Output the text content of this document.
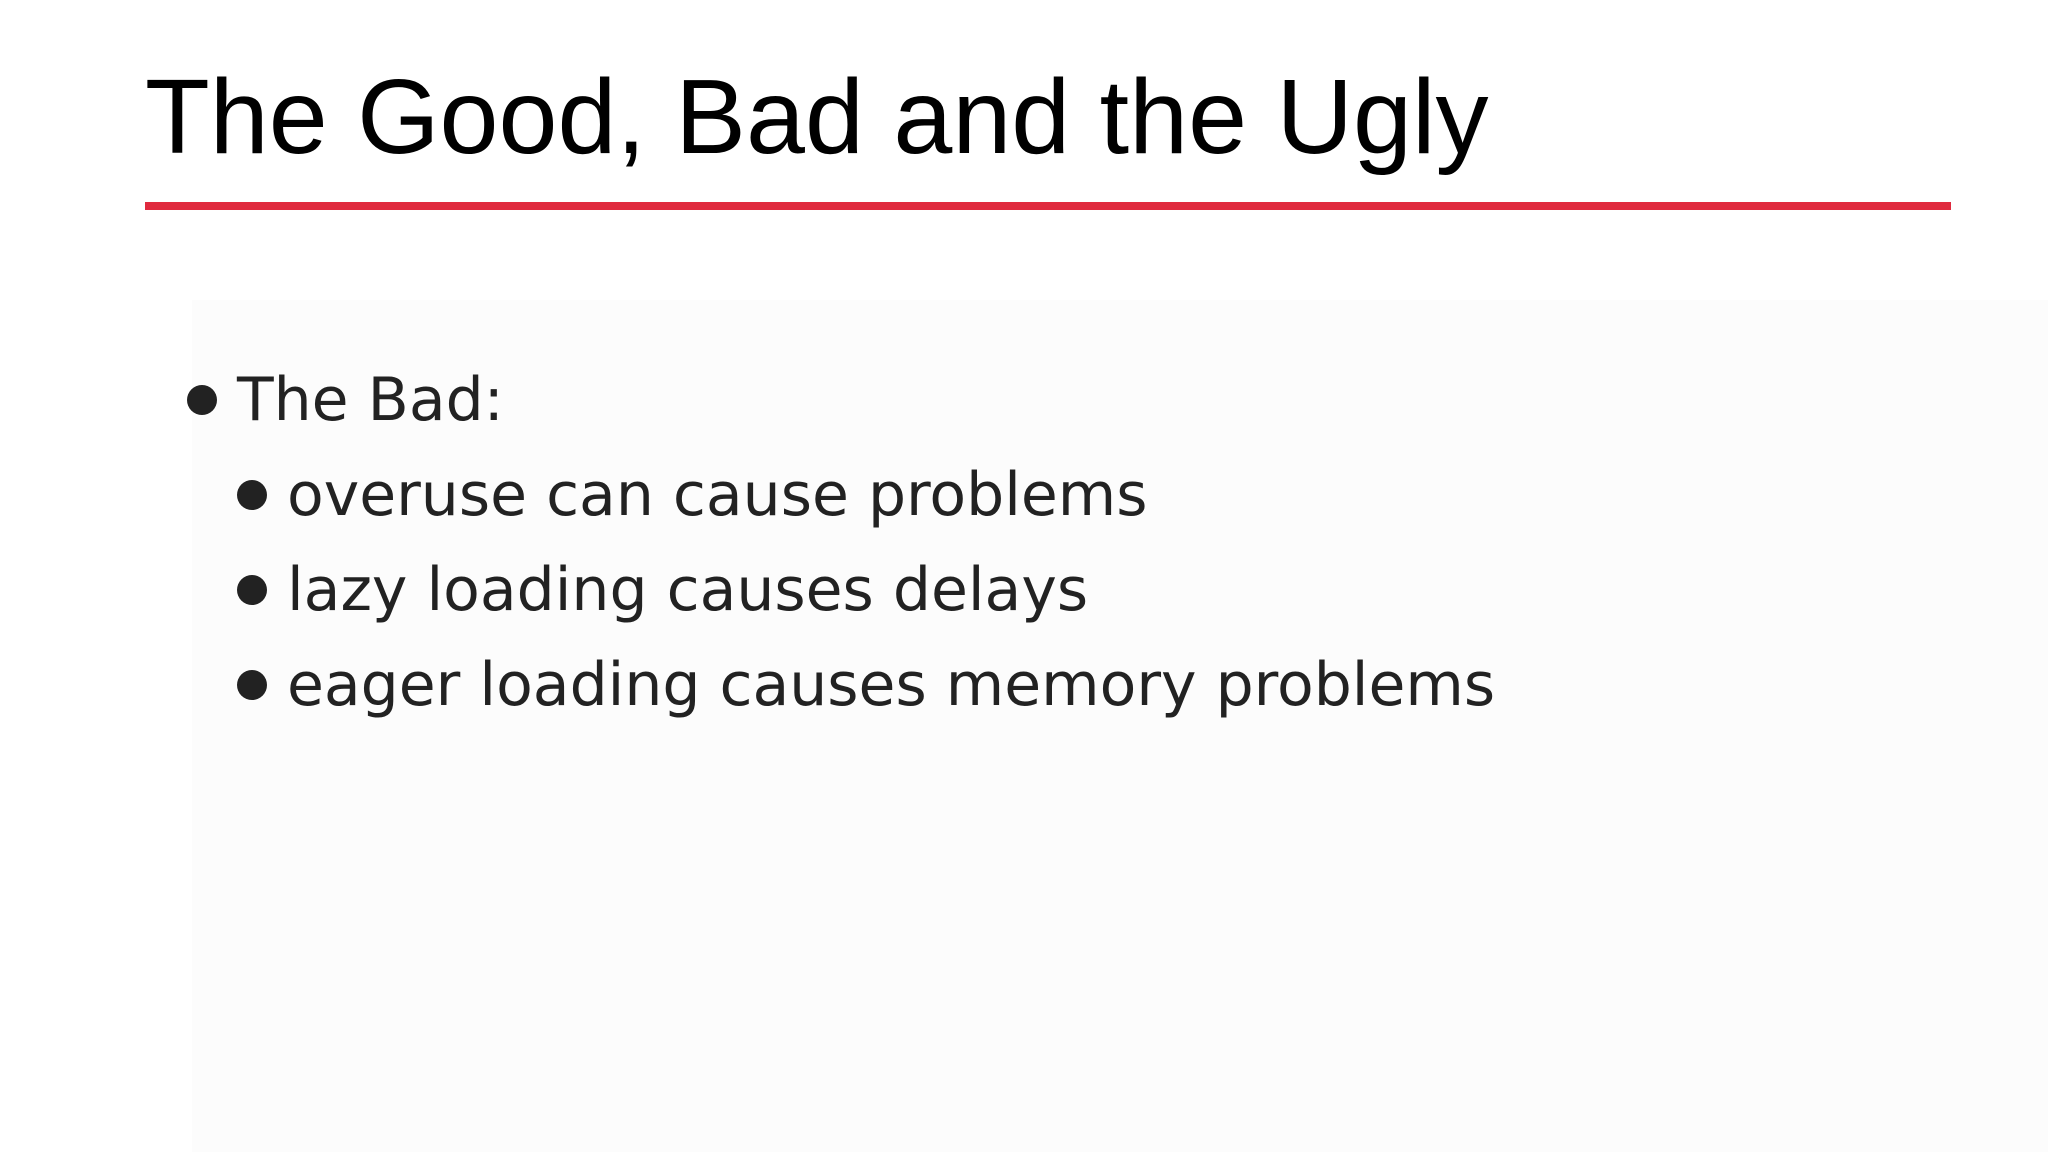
The Good, Bad and the Ugly
The Bad:
overuse can cause problems
lazy loading causes delays
eager loading causes memory problems
